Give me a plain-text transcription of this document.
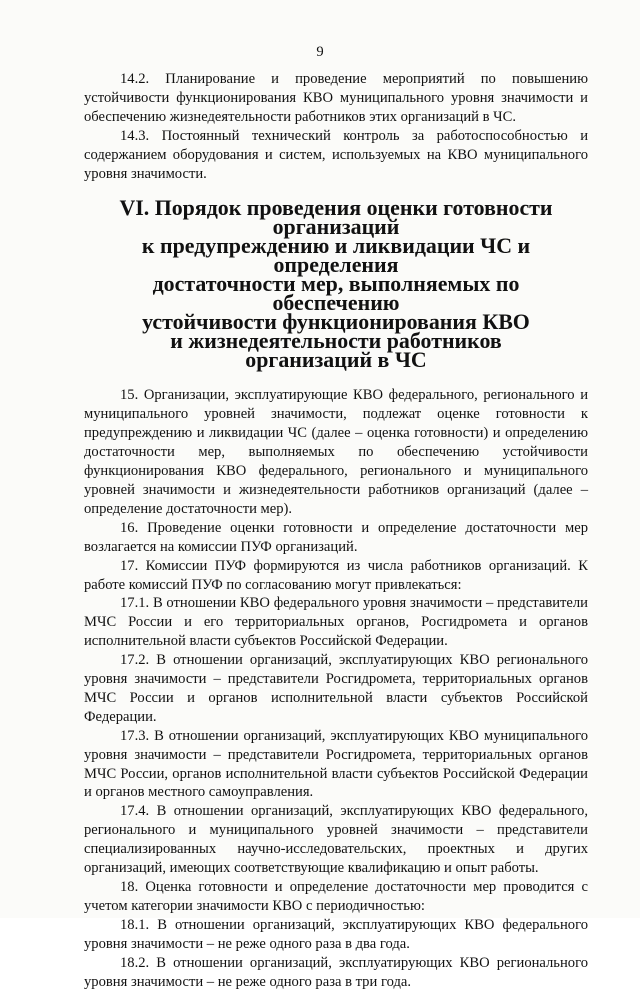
9

14.2. Планирование и проведение мероприятий по повышению устойчивости функционирования КВО муниципального уровня значимости и обеспечению жизнедеятельности работников этих организаций в ЧС.

14.3. Постоянный технический контроль за работоспособностью и содержанием оборудования и систем, используемых на КВО муниципального уровня значимости.

VI. Порядок проведения оценки готовности организаций
к предупреждению и ликвидации ЧС и определения
достаточности мер, выполняемых по обеспечению
устойчивости функционирования КВО
и жизнедеятельности работников организаций в ЧС

15. Организации, эксплуатирующие КВО федерального, регионального и муниципального уровней значимости, подлежат оценке готовности к предупреждению и ликвидации ЧС (далее – оценка готовности) и определению достаточности мер, выполняемых по обеспечению устойчивости функционирования КВО федерального, регионального и муниципального уровней значимости и жизнедеятельности работников организаций (далее – определение достаточности мер).

16. Проведение оценки готовности и определение достаточности мер возлагается на комиссии ПУФ организаций.

17. Комиссии ПУФ формируются из числа работников организаций. К работе комиссий ПУФ по согласованию могут привлекаться:

17.1. В отношении КВО федерального уровня значимости – представители МЧС России и его территориальных органов, Росгидромета и органов исполнительной власти субъектов Российской Федерации.

17.2. В отношении организаций, эксплуатирующих КВО регионального уровня значимости – представители Росгидромета, территориальных органов МЧС России и органов исполнительной власти субъектов Российской Федерации.

17.3. В отношении организаций, эксплуатирующих КВО муниципального уровня значимости – представители Росгидромета, территориальных органов МЧС России, органов исполнительной власти субъектов Российской Федерации и органов местного самоуправления.

17.4. В отношении организаций, эксплуатирующих КВО федерального, регионального и муниципального уровней значимости – представители специализированных научно-исследовательских, проектных и других организаций, имеющих соответствующие квалификацию и опыт работы.

18. Оценка готовности и определение достаточности мер проводится с учетом категории значимости КВО с периодичностью:

18.1. В отношении организаций, эксплуатирующих КВО федерального уровня значимости – не реже одного раза в два года.

18.2. В отношении организаций, эксплуатирующих КВО регионального уровня значимости – не реже одного раза в три года.
